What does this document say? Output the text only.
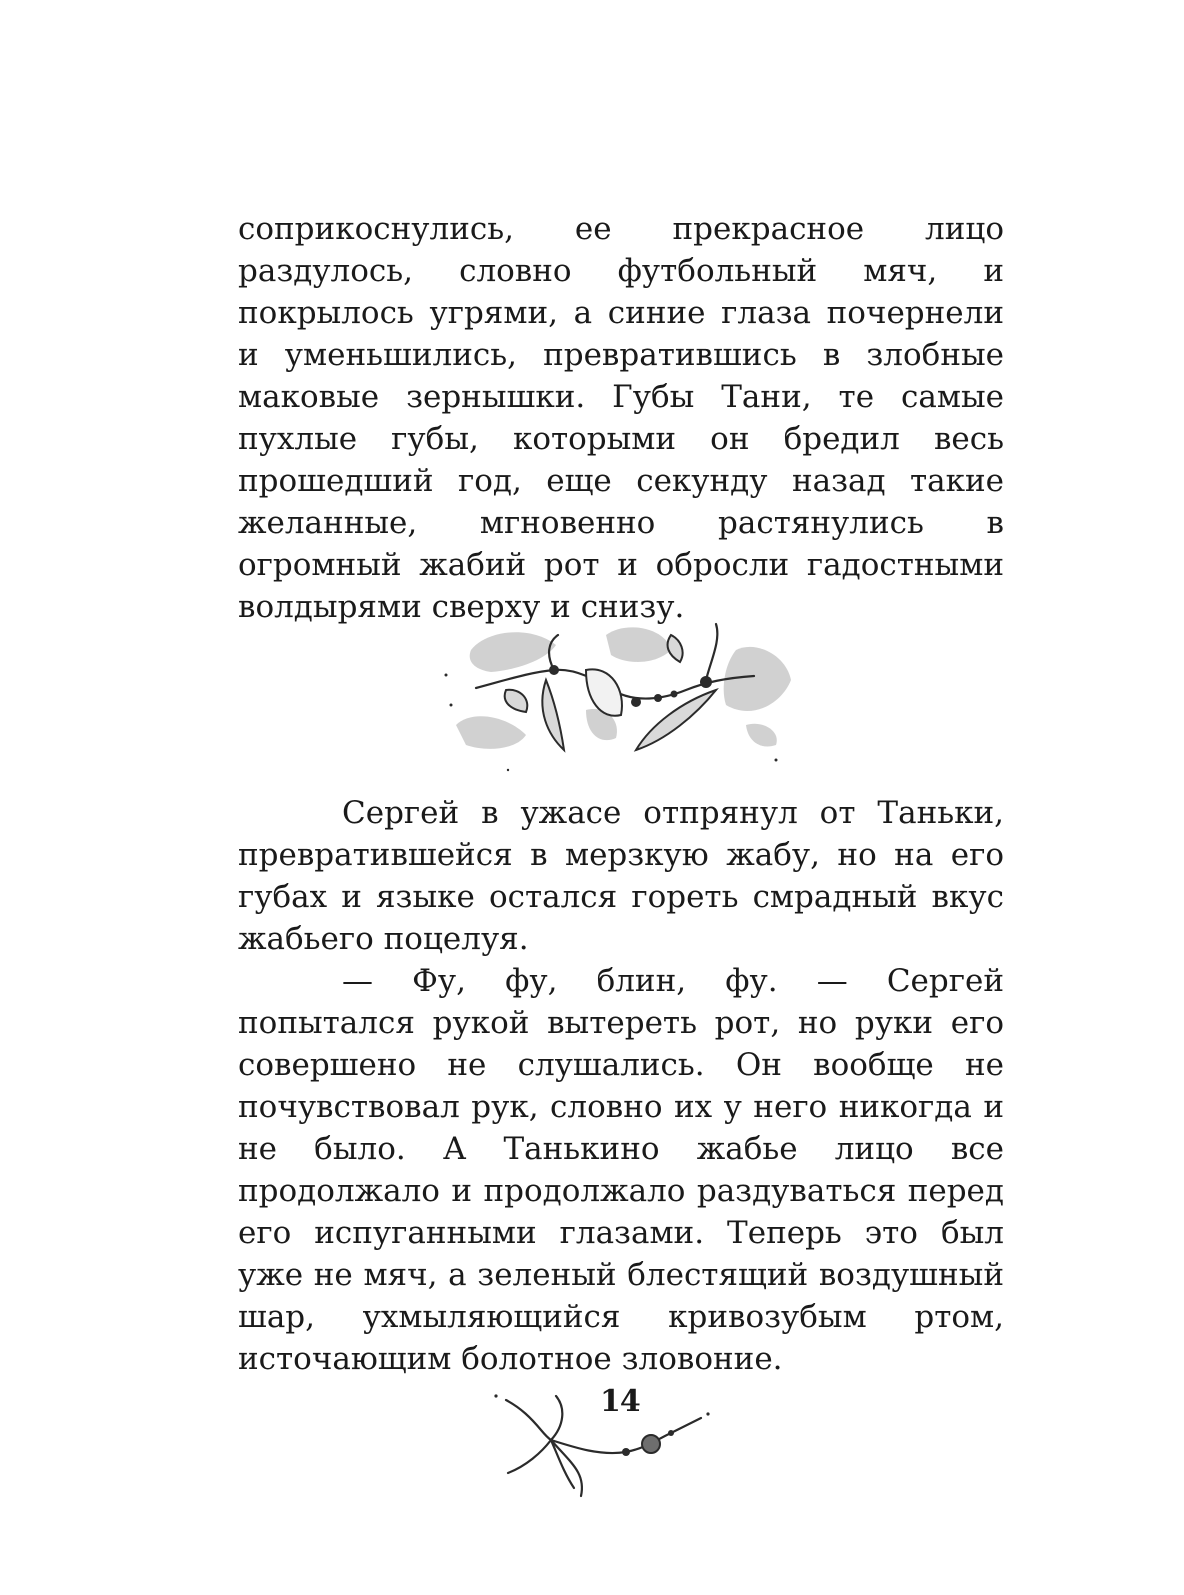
соприкоснулись, ее прекрасное лицо раздулось, словно футбольный мяч, и покрылось угрями, а синие глаза почернели и уменьшились, превратившись в злобные маковые зернышки. Губы Тани, те самые пухлые губы, которыми он бредил весь прошедший год, еще секунду назад такие желанные, мгновенно растянулись в огромный жабий рот и обросли гадостными волдырями сверху и снизу.

Сергей в ужасе отпрянул от Таньки, превратившейся в мерзкую жабу, но на его губах и языке остался гореть смрадный вкус жабьего поцелуя.

— Фу, фу, блин, фу. — Сергей попытался рукой вытереть рот, но руки его совершено не слушались. Он вообще не почувствовал рук, словно их у него никогда и не было. А Танькино жабье лицо все продолжало и продолжало раздуваться перед его испуганными глазами. Теперь это был уже не мяч, а зеленый блестящий воздушный шар, ухмыляющийся кривозубым ртом, источающим болотное зловоние.

14
